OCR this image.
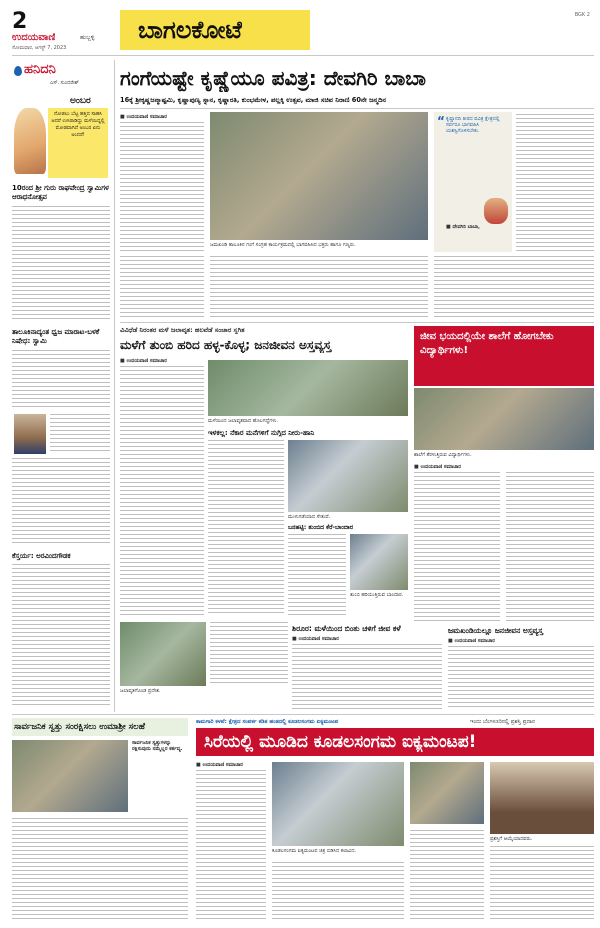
2
ಉದಯವಾಣಿ	ಹುಬ್ಬಳ್ಳಿ
ಸೋಮವಾರ, ಆಗಸ್ಟ್ 7, 2023
ಬಾಗಲಕೋಟೆ
BGK 2
ಹನಿದನಿ
ಎಸ್. ಸುಂದರೇಶ್
ಅಂಬರ
ನೋಡಲು ಬೆಟ್ಟ ಹತ್ತಿದ ಸಾಹಸಿ ಆದರೆ ಉಸಿರಾಡಿದ್ದು ಮಳೆಯಿದ್ದಲ್ಲಿ ಮೋಡವಾಗಿದೆ ಅಂಬರ ಏನು ಅಂದರೆ!
10ರಂದ ಶ್ರೀ ಗುರು ರಾಘವೇಂದ್ರ ಸ್ವಾಮಿಗಳ ಆರಾಧನೋತ್ಸವ
ತಾಲೂಕಿನಾದ್ಯಂತ ಧ್ವಜ ಮಾರಾಟ-ಬಳಕೆ ನಿಷೇಧ: ಸ್ವಾಮಿ
ಕೆಸ್ತರ್ಯ: ಅರವಿಂದಗೌಡಕ
ಗಂಗೆಯಷ್ಟೇ ಕೃಷ್ಣೆಯೂ ಪವಿತ್ರ: ದೇವಗಿರಿ ಬಾಬಾ
16ಕ್ಕೆ ಶ್ರೀಕೃಷ್ಣಜನ್ಮಾಷ್ಟಮಿ, ಕೃಷ್ಣಾಪುಣ್ಯ ಸ್ನಾನ, ಕೃಷ್ಣಾರತಿ, ಕುಂಭಮೇಳ, ಪಲ್ಲಕ್ಕಿ ಉತ್ಸವ, ಮಾಜಿ ಸಚಿವ ನಿರಾಣಿ 60ನೇ ಜನ್ಮದಿನ
■ ಉದಯವಾಣಿ ಸಮಾಚಾರ
ಜಮಖಂಡಿ ತಾಲೂಕಿನ ಗಂಗೆ ಸಂಗ್ರಹ ಕಾರ್ಯಕ್ರಮದಲ್ಲಿ ಭಾಗವಹಿಸಿದ ಭಕ್ತರು ಹಾಗೂ ಗಣ್ಯರು.
“ ಕೃಷ್ಣಾನದಿ ತೀರದ ಪವಿತ್ರ ಕ್ಷೇತ್ರದಲ್ಲಿ ಸರ್ವರೂ ಭಾಗವಹಿಸಿ ಯಶಸ್ವಿಗೊಳಿಸಬೇಕು.
■ ದೇವಗಿರಿ ಬಾಬಾ,
ವಿವಿಧೆಡೆ ನಿರಂತರ ಮಳೆ ಜಲಾವೃತ: ಹಲವೆಡೆ ಸಂಚಾರ ಸ್ಥಗಿತ
ಮಳೆಗೆ ತುಂಬಿ ಹರಿದ ಹಳ್ಳ-ಕೊಳ್ಳ; ಜನಜೀವನ ಅಸ್ತವ್ಯಸ್ತ
■ ಉದಯವಾಣಿ ಸಮಾಚಾರ
ಮಳೆಯಿಂದ ಜಲಾವೃತವಾದ ಹೊಲಗದ್ದೆಗಳು.
ಇಳಕಲ್ಲ: ನೆಕಾರ ಮನೆಗಳಿಗೆ ನುಗ್ಗಿದ ನೀರು-ಹಾನಿ
ಮುಳುಗಡೆಯಾದ ಸೇತುವೆ.
ಬನಹಟ್ಟಿ: ತುಂಬಿದ ಕೆರೆ-ಬಾಂದಾರ
ತುಂಬಿ ಹರಿಯುತ್ತಿರುವ ಬಾಂದಾರ.
ಜಲಾವೃತಗೊಂಡ ಪ್ರದೇಶ.
ಜೀವ ಭಯದಲ್ಲಿಯೇ ಶಾಲೆಗೆ ಹೋಗಬೇಕು ವಿದ್ಯಾರ್ಥಿಗಳು!
ಶಾಲೆಗೆ ತೆರಳುತ್ತಿರುವ ವಿದ್ಯಾರ್ಥಿಗಳು.
■ ಉದಯವಾಣಿ ಸಮಾಚಾರ
ಶಿರೂರ: ಮಳೆಯಿಂದ ಬಿಂತು ಚಳಿಗೆ ಜೀವ ಕಳೆ
■ ಉದಯವಾಣಿ ಸಮಾಚಾರ
ಜಮಖಂಡಿಯಲ್ಲೂ ಜನಜೀವನ ಅಸ್ತವ್ಯಸ್ತ
■ ಉದಯವಾಣಿ ಸಮಾಚಾರ
ಸಾರ್ವಜನಿಕ ಸ್ವತ್ತು ಸಂರಕ್ಷಿಸಲು ಉಮಾಶ್ರೀ ಸಲಹೆ
ಸಾರ್ವಜನಿಕ ಸ್ವತ್ತುಗಳನ್ನು ರಕ್ಷಿಸುವುದು ನಮ್ಮೆಲ್ಲರ ಕರ್ತವ್ಯ.
ಕಾಮಗಾರಿ ಕಳಪೆ: ಕ್ಷೇತ್ರದ ಸಂಪರ್ಕ ಕಡಿತ ಹಂತದಲ್ಲಿ ಕೂಡಲಸಂಗಮ ಏಕ್ಯಮಂಟಪ
ಸಿರೆಯಲ್ಲಿ ಮೂಡಿದ ಕೂಡಲಸಂಗಮ ಐಕ್ಯಮಂಟಪ!
ಇಂದು ಬೆಂಗಳೂರಿನಲ್ಲಿ ಪ್ರಶಸ್ತಿ ಪ್ರದಾನ
■ ಉದಯವಾಣಿ ಸಮಾಚಾರ
ಕೂಡಲಸಂಗಮ ಐಕ್ಯಮಂಟಪ ಚಿತ್ರ ಬಿಡಿಸಿದ ಕಲಾವಿದ.
ಪ್ರಶಸ್ತಿಗೆ ಆಯ್ಕೆಯಾದವರು.
